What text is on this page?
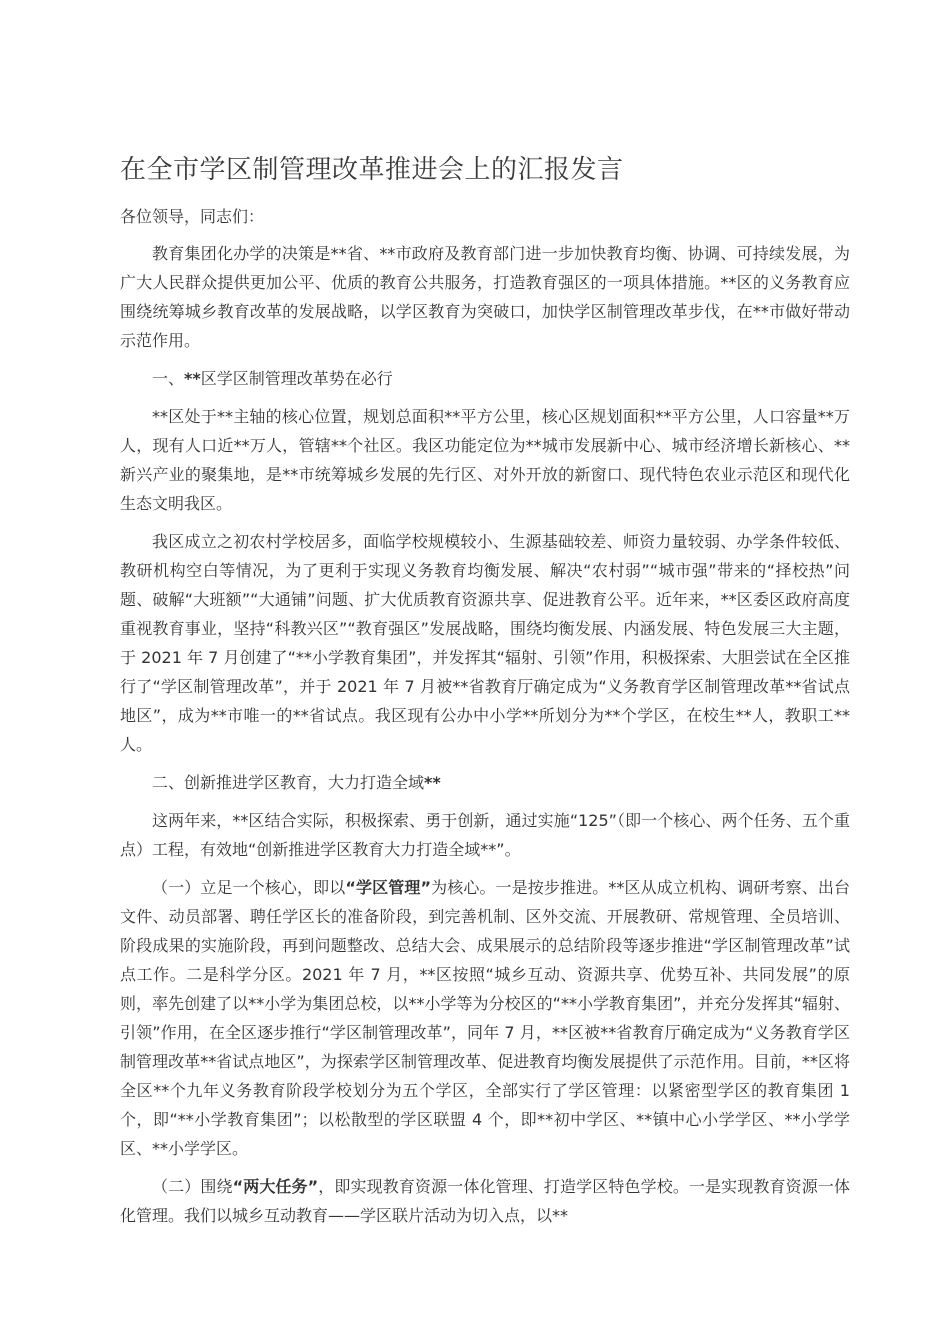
在全市学区制管理改革推进会上的汇报发言

各位领导，同志们：

教育集团化办学的决策是**省、**市政府及教育部门进一步加快教育均衡、协调、可持续发展，为广大人民群众提供更加公平、优质的教育公共服务，打造教育强区的一项具体措施。**区的义务教育应围绕统筹城乡教育改革的发展战略，以学区教育为突破口，加快学区制管理改革步伐，在**市做好带动示范作用。

一、**区学区制管理改革势在必行

**区处于**主轴的核心位置，规划总面积**平方公里，核心区规划面积**平方公里，人口容量**万人，现有人口近**万人，管辖**个社区。我区功能定位为**城市发展新中心、城市经济增长新核心、**新兴产业的聚集地，是**市统筹城乡发展的先行区、对外开放的新窗口、现代特色农业示范区和现代化生态文明我区。

我区成立之初农村学校居多，面临学校规模较小、生源基础较差、师资力量较弱、办学条件较低、教研机构空白等情况，为了更利于实现义务教育均衡发展、解决“农村弱”“城市强”带来的“择校热”问题、破解“大班额”“大通铺”问题、扩大优质教育资源共享、促进教育公平。近年来，**区委区政府高度重视教育事业，坚持“科教兴区”“教育强区”发展战略，围绕均衡发展、内涵发展、特色发展三大主题，于 2021 年 7 月创建了“**小学教育集团”，并发挥其“辐射、引领”作用，积极探索、大胆尝试在全区推行了“学区制管理改革”，并于 2021 年 7 月被**省教育厅确定成为“义务教育学区制管理改革**省试点地区”，成为**市唯一的**省试点。我区现有公办中小学**所划分为**个学区，在校生**人，教职工**人。

二、创新推进学区教育，大力打造全域**

这两年来，**区结合实际，积极探索、勇于创新，通过实施“125”（即一个核心、两个任务、五个重点）工程，有效地“创新推进学区教育大力打造全域**”。

（一）立足一个核心，即以“学区管理”为核心。一是按步推进。**区从成立机构、调研考察、出台文件、动员部署、聘任学区长的准备阶段，到完善机制、区外交流、开展教研、常规管理、全员培训、阶段成果的实施阶段，再到问题整改、总结大会、成果展示的总结阶段等逐步推进“学区制管理改革”试点工作。二是科学分区。2021 年 7 月，**区按照“城乡互动、资源共享、优势互补、共同发展”的原则，率先创建了以**小学为集团总校，以**小学等为分校区的“**小学教育集团”，并充分发挥其“辐射、引领”作用，在全区逐步推行“学区制管理改革”，同年 7 月，**区被**省教育厅确定成为“义务教育学区制管理改革**省试点地区”，为探索学区制管理改革、促进教育均衡发展提供了示范作用。目前，**区将全区**个九年义务教育阶段学校划分为五个学区，全部实行了学区管理：以紧密型学区的教育集团 1 个，即“**小学教育集团”；以松散型的学区联盟 4 个，即**初中学区、**镇中心小学学区、**小学学区、**小学学区。

（二）围绕“两大任务”，即实现教育资源一体化管理、打造学区特色学校。一是实现教育资源一体化管理。我们以城乡互动教育——学区联片活动为切入点，以**
